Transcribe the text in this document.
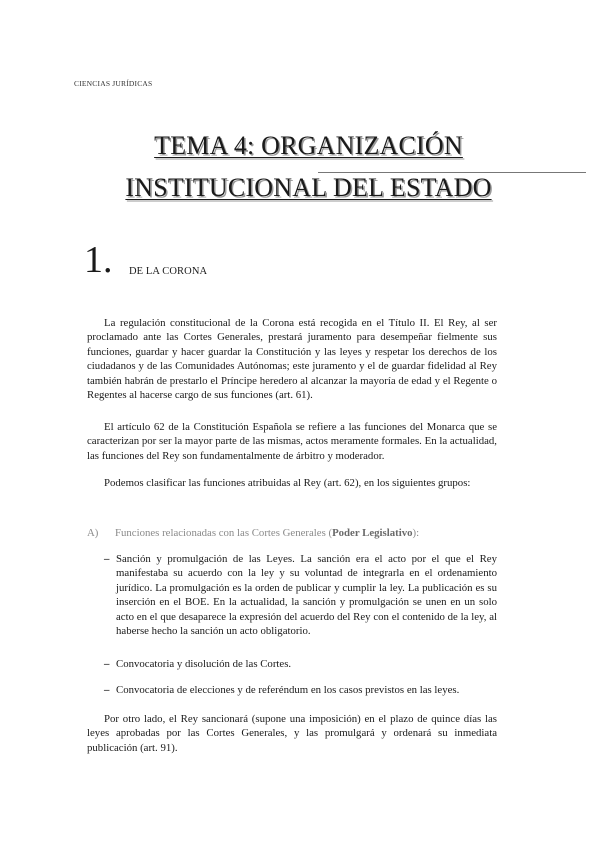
CIENCIAS JURÍDICAS
TEMA 4: ORGANIZACIÓN
INSTITUCIONAL DEL ESTADO
1. DE LA CORONA

La regulación constitucional de la Corona está recogida en el Título II. El Rey, al ser proclamado ante las Cortes Generales, prestará juramento para desempeñar fielmente sus funciones, guardar y hacer guardar la Constitución y las leyes y respetar los derechos de los ciudadanos y de las Comunidades Autónomas; este juramento y el de guardar fidelidad al Rey también habrán de prestarlo el Príncipe heredero al alcanzar la mayoría de edad y el Regente o Regentes al hacerse cargo de sus funciones (art. 61).

El artículo 62 de la Constitución Española se refiere a las funciones del Monarca que se caracterizan por ser la mayor parte de las mismas, actos meramente formales. En la actualidad, las funciones del Rey son fundamentalmente de árbitro y moderador.

Podemos clasificar las funciones atribuidas al Rey (art. 62), en los siguientes grupos:

A) Funciones relacionadas con las Cortes Generales (Poder Legislativo):
– Sanción y promulgación de las Leyes. La sanción era el acto por el que el Rey manifestaba su acuerdo con la ley y su voluntad de integrarla en el ordenamiento jurídico. La promulgación es la orden de publicar y cumplir la ley. La publicación es su inserción en el BOE. En la actualidad, la sanción y promulgación se unen en un solo acto en el que desaparece la expresión del acuerdo del Rey con el contenido de la ley, al haberse hecho la sanción un acto obligatorio.
– Convocatoria y disolución de las Cortes.
– Convocatoria de elecciones y de referéndum en los casos previstos en las leyes.

Por otro lado, el Rey sancionará (supone una imposición) en el plazo de quince días las leyes aprobadas por las Cortes Generales, y las promulgará y ordenará su inmediata publicación (art. 91).
